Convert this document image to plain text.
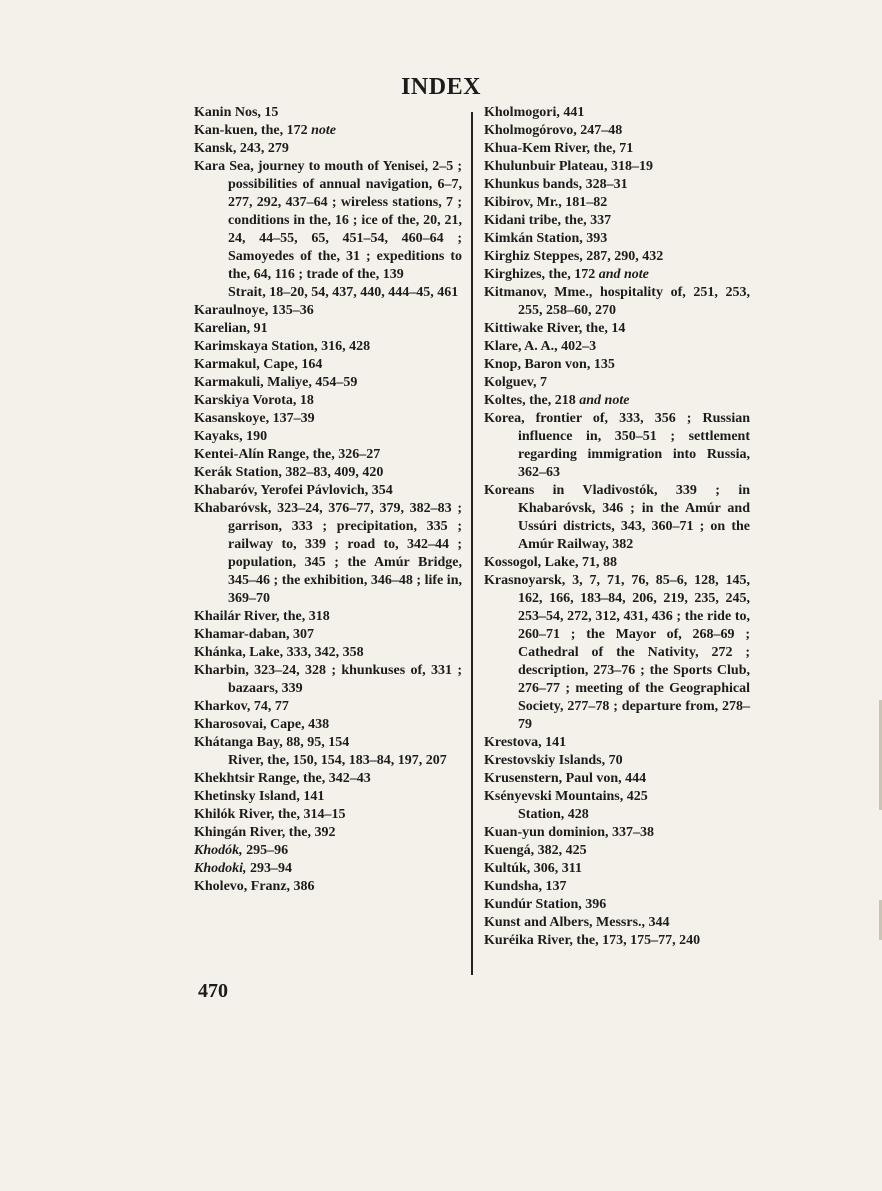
INDEX
Kanin Nos, 15
Kan-kuen, the, 172 note
Kansk, 243, 279
Kara Sea, journey to mouth of Yenisei, 2–5 ; possibilities of annual navigation, 6–7, 277, 292, 437–64 ; wireless stations, 7 ; conditions in the, 16 ; ice of the, 20, 21, 24, 44–55, 65, 451–54, 460–64 ; Samoyedes of the, 31 ; expeditions to the, 64, 116 ; trade of the, 139
Strait, 18–20, 54, 437, 440, 444–45, 461
Karaulnoye, 135–36
Karelian, 91
Karimskaya Station, 316, 428
Karmakul, Cape, 164
Karmakuli, Maliye, 454–59
Karskiya Vorota, 18
Kasanskoye, 137–39
Kayaks, 190
Kentei-Alín Range, the, 326–27
Kerák Station, 382–83, 409, 420
Khabaróv, Yerofei Pávlovich, 354
Khabaróvsk, 323–24, 376–77, 379, 382–83 ; garrison, 333 ; precipitation, 335 ; railway to, 339 ; road to, 342–44 ; population, 345 ; the Amúr Bridge, 345–46 ; the exhibition, 346–48 ; life in, 369–70
Khailár River, the, 318
Khamar-daban, 307
Khánka, Lake, 333, 342, 358
Kharbin, 323–24, 328 ; khunkuses of, 331 ; bazaars, 339
Kharkov, 74, 77
Kharosovai, Cape, 438
Khátanga Bay, 88, 95, 154
River, the, 150, 154, 183–84, 197, 207
Khekhtsir Range, the, 342–43
Khetinsky Island, 141
Khilók River, the, 314–15
Khingán River, the, 392
Khodók, 295–96
Khodoki, 293–94
Kholevo, Franz, 386
Kholmogori, 441
Kholmogórovo, 247–48
Khua-Kem River, the, 71
Khulunbuir Plateau, 318–19
Khunkus bands, 328–31
Kibirov, Mr., 181–82
Kidani tribe, the, 337
Kimkán Station, 393
Kirghiz Steppes, 287, 290, 432
Kirghizes, the, 172 and note
Kitmanov, Mme., hospitality of, 251, 253, 255, 258–60, 270
Kittiwake River, the, 14
Klare, A. A., 402–3
Knop, Baron von, 135
Kolguev, 7
Koltes, the, 218 and note
Korea, frontier of, 333, 356 ; Russian influence in, 350–51 ; settlement regarding immigration into Russia, 362–63
Koreans in Vladivostók, 339 ; in Khabaróvsk, 346 ; in the Amúr and Ussúri districts, 343, 360–71 ; on the Amúr Railway, 382
Kossogol, Lake, 71, 88
Krasnoyarsk, 3, 7, 71, 76, 85–6, 128, 145, 162, 166, 183–84, 206, 219, 235, 245, 253–54, 272, 312, 431, 436 ; the ride to, 260–71 ; the Mayor of, 268–69 ; Cathedral of the Nativity, 272 ; description, 273–76 ; the Sports Club, 276–77 ; meeting of the Geographical Society, 277–78 ; departure from, 278–79
Krestova, 141
Krestovskiy Islands, 70
Krusenstern, Paul von, 444
Ksényevski Mountains, 425
Station, 428
Kuan-yun dominion, 337–38
Kuengá, 382, 425
Kultúk, 306, 311
Kundsha, 137
Kundúr Station, 396
Kunst and Albers, Messrs., 344
Kuréika River, the, 173, 175–77, 240
470
